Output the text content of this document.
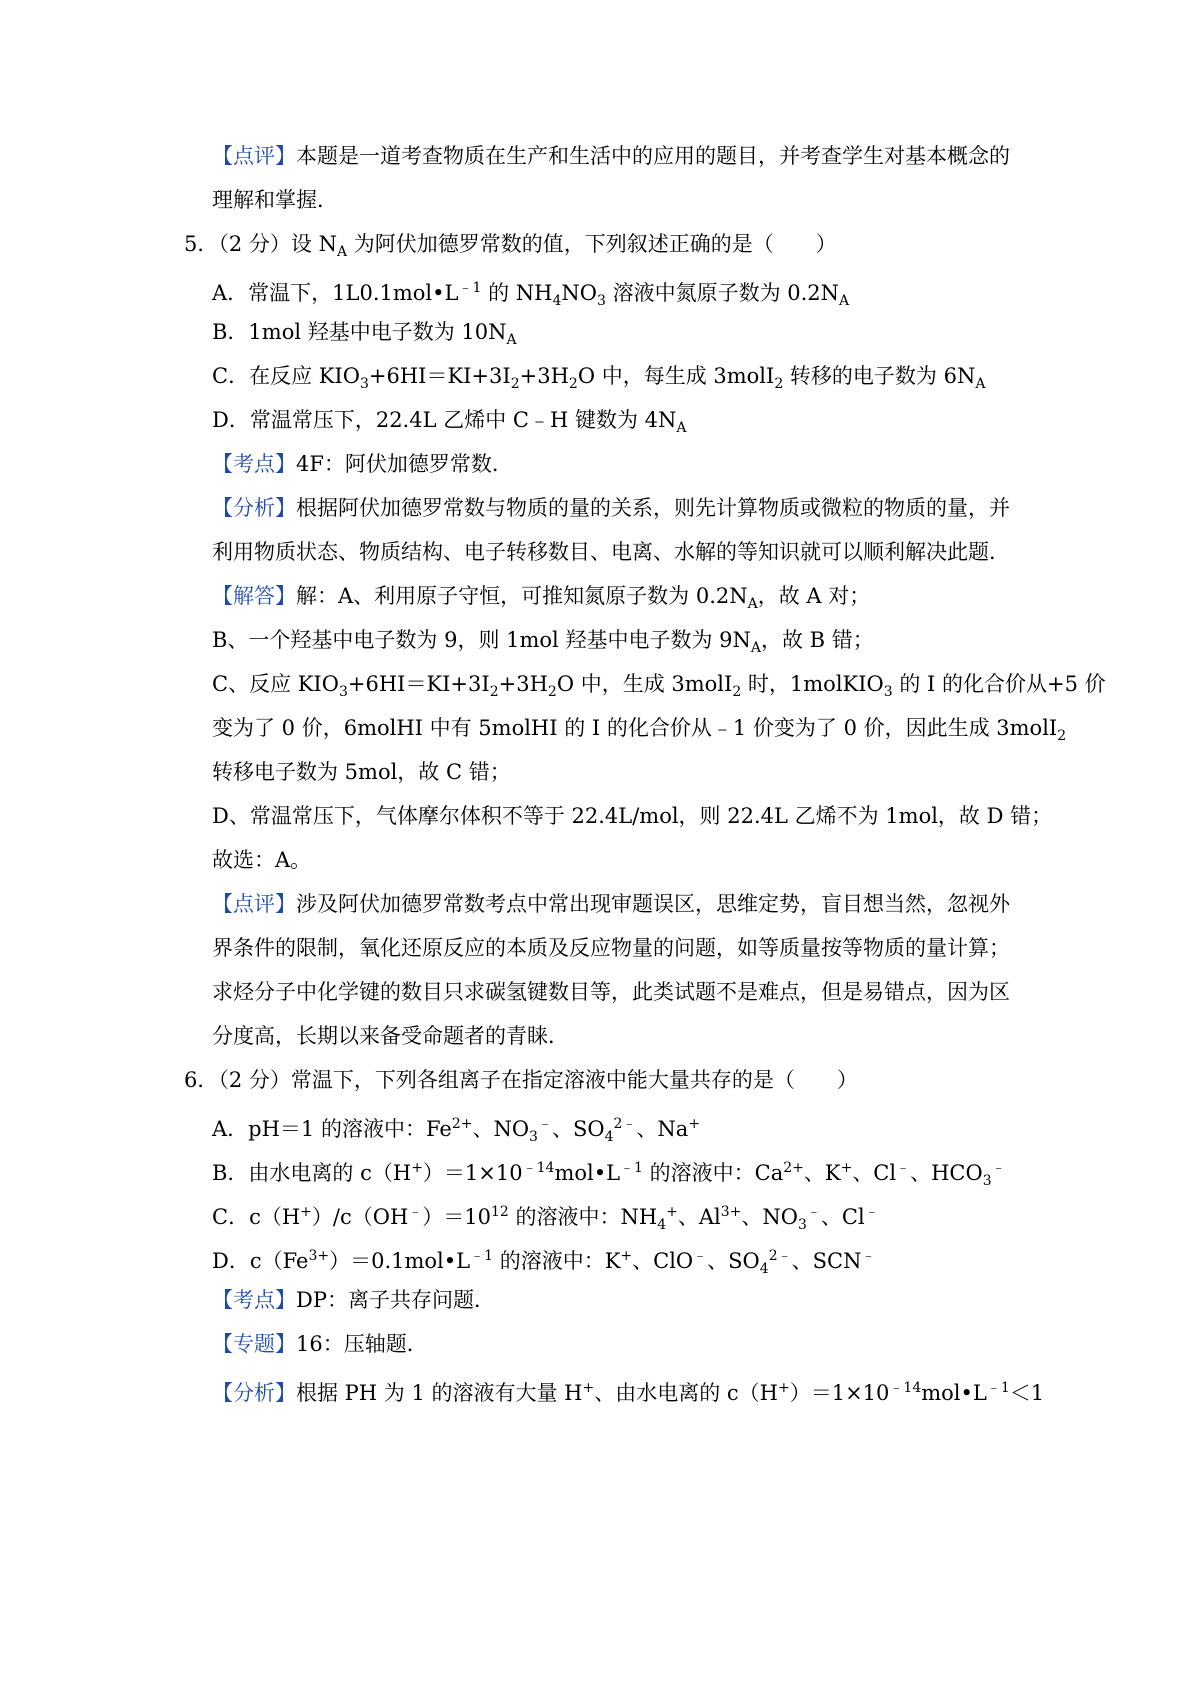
【点评】本题是一道考查物质在生产和生活中的应用的题目，并考查学生对基本概念的
理解和掌握．
5．（2 分）设 $N_A$ 为阿伏加德罗常数的值，下列叙述正确的是（　　）
A．常温下，$1L0.1mol•L^{﹣1}$ 的 $NH_4NO_3$ 溶液中氮原子数为 $0.2N_A$
B．1mol 羟基中电子数为 $10N_A$
C．在反应 $KIO_3+6HI=KI+3I_2+3H_2O$ 中，每生成 3molI$_2$ 转移的电子数为 $6N_A$
D．常温常压下，22.4L 乙烯中 C﹣H 键数为 $4N_A$
【考点】4F：阿伏加德罗常数．
【分析】根据阿伏加德罗常数与物质的量的关系，则先计算物质或微粒的物质的量，并
利用物质状态、物质结构、电子转移数目、电离、水解的等知识就可以顺利解决此题．
【解答】解：A、利用原子守恒，可推知氮原子数为 $0.2N_A$，故 A 对；
B、一个羟基中电子数为 9，则 1mol 羟基中电子数为 $9N_A$，故 B 错；
C、反应 $KIO_3+6HI=KI+3I_2+3H_2O$ 中，生成 3molI$_2$ 时，1molKIO$_3$ 的 I 的化合价从+5 价
变为了 0 价，6molHI 中有 5molHI 的 I 的化合价从﹣1 价变为了 0 价，因此生成 3molI$_2$
转移电子数为 5mol，故 C 错；
D、常温常压下，气体摩尔体积不等于 22.4L/mol，则 22.4L 乙烯不为 1mol，故 D 错；
故选：A。
【点评】涉及阿伏加德罗常数考点中常出现审题误区，思维定势，盲目想当然，忽视外
界条件的限制，氧化还原反应的本质及反应物量的问题，如等质量按等物质的量计算；
求烃分子中化学键的数目只求碳氢键数目等，此类试题不是难点，但是易错点，因为区
分度高，长期以来备受命题者的青睐．
6．（2 分）常温下，下列各组离子在指定溶液中能大量共存的是（　　）
A．pH＝1 的溶液中：$Fe^{2+}$、$NO_3^﹣$、$SO_4^{2﹣}$、Na+
B．由水电离的 $c(H^+)=1\times 10^{﹣14}mol•L^{﹣1}$ 的溶液中：$Ca^{2+}$、K+、Cl﹣、$HCO_3^﹣$
C．$c(H^+)/c(OH^﹣)=10^{12}$ 的溶液中：$NH_4^+$、$Al^{3+}$、$NO_3^﹣$、Cl﹣
D．$c(Fe^{3+})=0.1mol•L^{﹣1}$ 的溶液中：K+、ClO﹣、$SO_4^{2﹣}$、SCN﹣
【考点】DP：离子共存问题．
【专题】16：压轴题．
【分析】根据 PH 为 1 的溶液有大量 H+、由水电离的 $c(H^+)=1\times 10^{﹣14}mol•L^{﹣1}<1$
